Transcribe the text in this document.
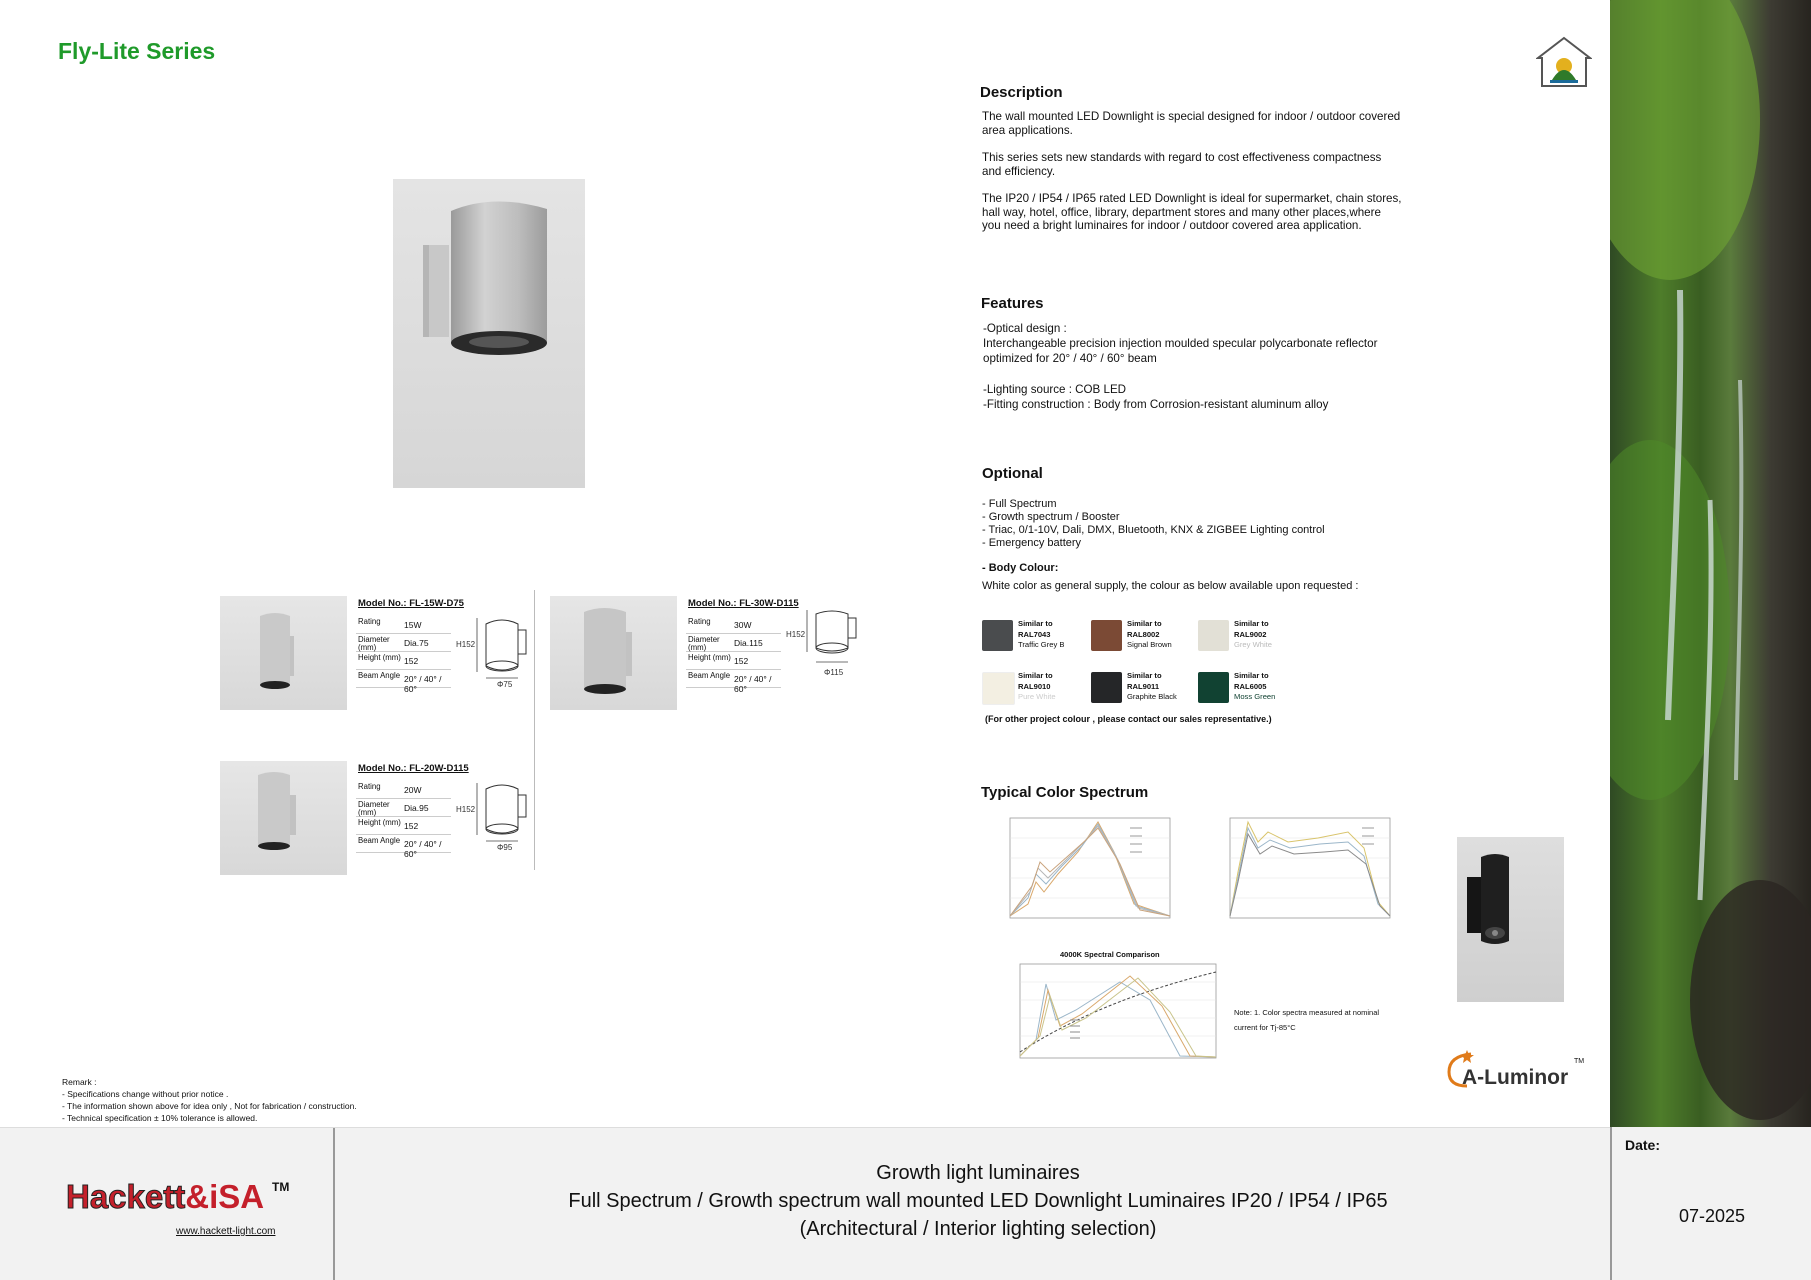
Fly-Lite Series
Model No.: FL-15W-D75
Rating	15W
Diameter (mm)	Dia.75
Height (mm) 152
Beam Angle 20° / 40° / 60°
H152
Φ75
Model No.: FL-30W-D115
Rating	30W
Diameter (mm)	Dia.115
Height (mm) 152
Beam Angle 20° / 40° / 60°
H152
Φ115
Model No.: FL-20W-D115
Rating	20W
Diameter (mm)	Dia.95
Height (mm) 152
Beam Angle 20° / 40° / 60°
H152
Φ95
Description
The wall mounted LED Downlight is special designed for indoor / outdoor covered area applications.
This series sets new standards with regard to cost effectiveness compactness and efficiency.
The IP20 / IP54 / IP65 rated LED Downlight is ideal for supermarket, chain stores, hall way, hotel, office, library, department stores and many other places,where you need a bright luminaires for indoor / outdoor covered area application.
Features
-Optical design :
Interchangeable precision injection moulded specular polycarbonate reflector
optimized for 20° / 40° / 60° beam
-Lighting source : COB LED
-Fitting construction : Body from Corrosion-resistant aluminum alloy
Optional
- Full Spectrum
- Growth spectrum / Booster
- Triac, 0/1-10V, Dali, DMX, Bluetooth, KNX & ZIGBEE Lighting control
- Emergency battery
- Body Colour:
White color as general supply, the colour as below available upon requested :
Similar to
RAL7043
Traffic Grey B
Similar to
RAL8002
Signal Brown
Similar to
RAL9002
Grey White
Similar to
RAL9010
Pure White
Similar to
RAL9011
Graphite Black
Similar to
RAL6005
Moss Green
(For other project colour , please contact our sales representative.)
Typical Color Spectrum
4000K Spectral Comparison
Note: 1. Color spectra measured at nominal
current for Tj-85°C
A-Luminor
TM
Remark :
- Specifications change without prior notice .
- The information shown above for idea only , Not for fabrication / construction.
- Technical specification ± 10% tolerance is allowed.
Hackett&iSA TM
www.hackett-light.com
Growth light luminaires
Full Spectrum / Growth spectrum wall mounted LED Downlight Luminaires IP20 / IP54 / IP65
(Architectural / Interior lighting selection)
Date:
07-2025
